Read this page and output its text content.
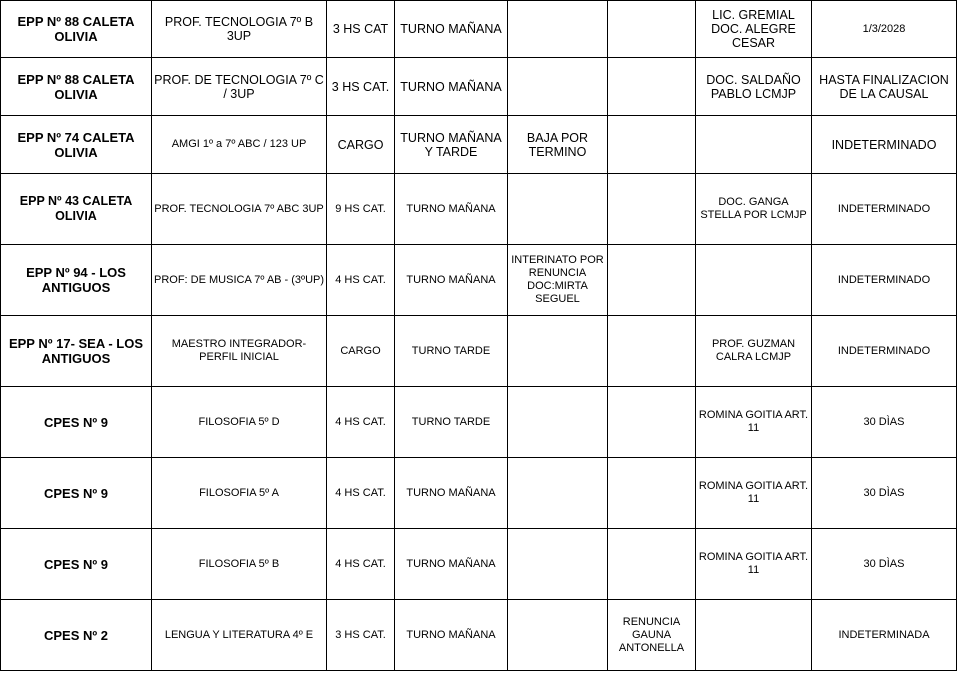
EPP Nº 88 CALETA OLIVIA	PROF. TECNOLOGIA 7º B 3UP	3 HS CAT	TURNO MAÑANA			LIC. GREMIAL DOC. ALEGRE CESAR	1/3/2028
EPP Nº 88 CALETA OLIVIA	PROF. DE TECNOLOGIA 7º C / 3UP	3 HS CAT.	TURNO MAÑANA			DOC. SALDAÑO PABLO LCMJP	HASTA FINALIZACION DE LA CAUSAL
EPP Nº 74 CALETA OLIVIA	AMGI 1º a 7º ABC / 123 UP	CARGO	TURNO MAÑANA Y TARDE	BAJA POR TERMINO			INDETERMINADO
EPP Nº 43 CALETA OLIVIA	PROF. TECNOLOGIA 7º ABC 3UP	9 HS CAT.	TURNO MAÑANA			DOC. GANGA STELLA POR LCMJP	INDETERMINADO
EPP Nº 94 - LOS ANTIGUOS	PROF: DE MUSICA 7º AB - (3ºUP)	4 HS CAT.	TURNO MAÑANA	INTERINATO POR RENUNCIA DOC:MIRTA SEGUEL			INDETERMINADO
EPP Nº 17- SEA - LOS ANTIGUOS	MAESTRO INTEGRADOR- PERFIL INICIAL	CARGO	TURNO TARDE			PROF. GUZMAN CALRA LCMJP	INDETERMINADO
CPES Nº 9	FILOSOFIA 5º D	4 HS CAT.	TURNO TARDE			ROMINA GOITIA ART. 11	30 DÌAS
CPES Nº 9	FILOSOFIA 5º A	4 HS CAT.	TURNO MAÑANA			ROMINA GOITIA ART. 11	30 DÌAS
CPES Nº 9	FILOSOFIA 5º B	4 HS CAT.	TURNO MAÑANA			ROMINA GOITIA ART. 11	30 DÌAS
CPES Nº 2	LENGUA Y LITERATURA 4º E	3 HS CAT.	TURNO MAÑANA		RENUNCIA GAUNA ANTONELLA		INDETERMINADA
